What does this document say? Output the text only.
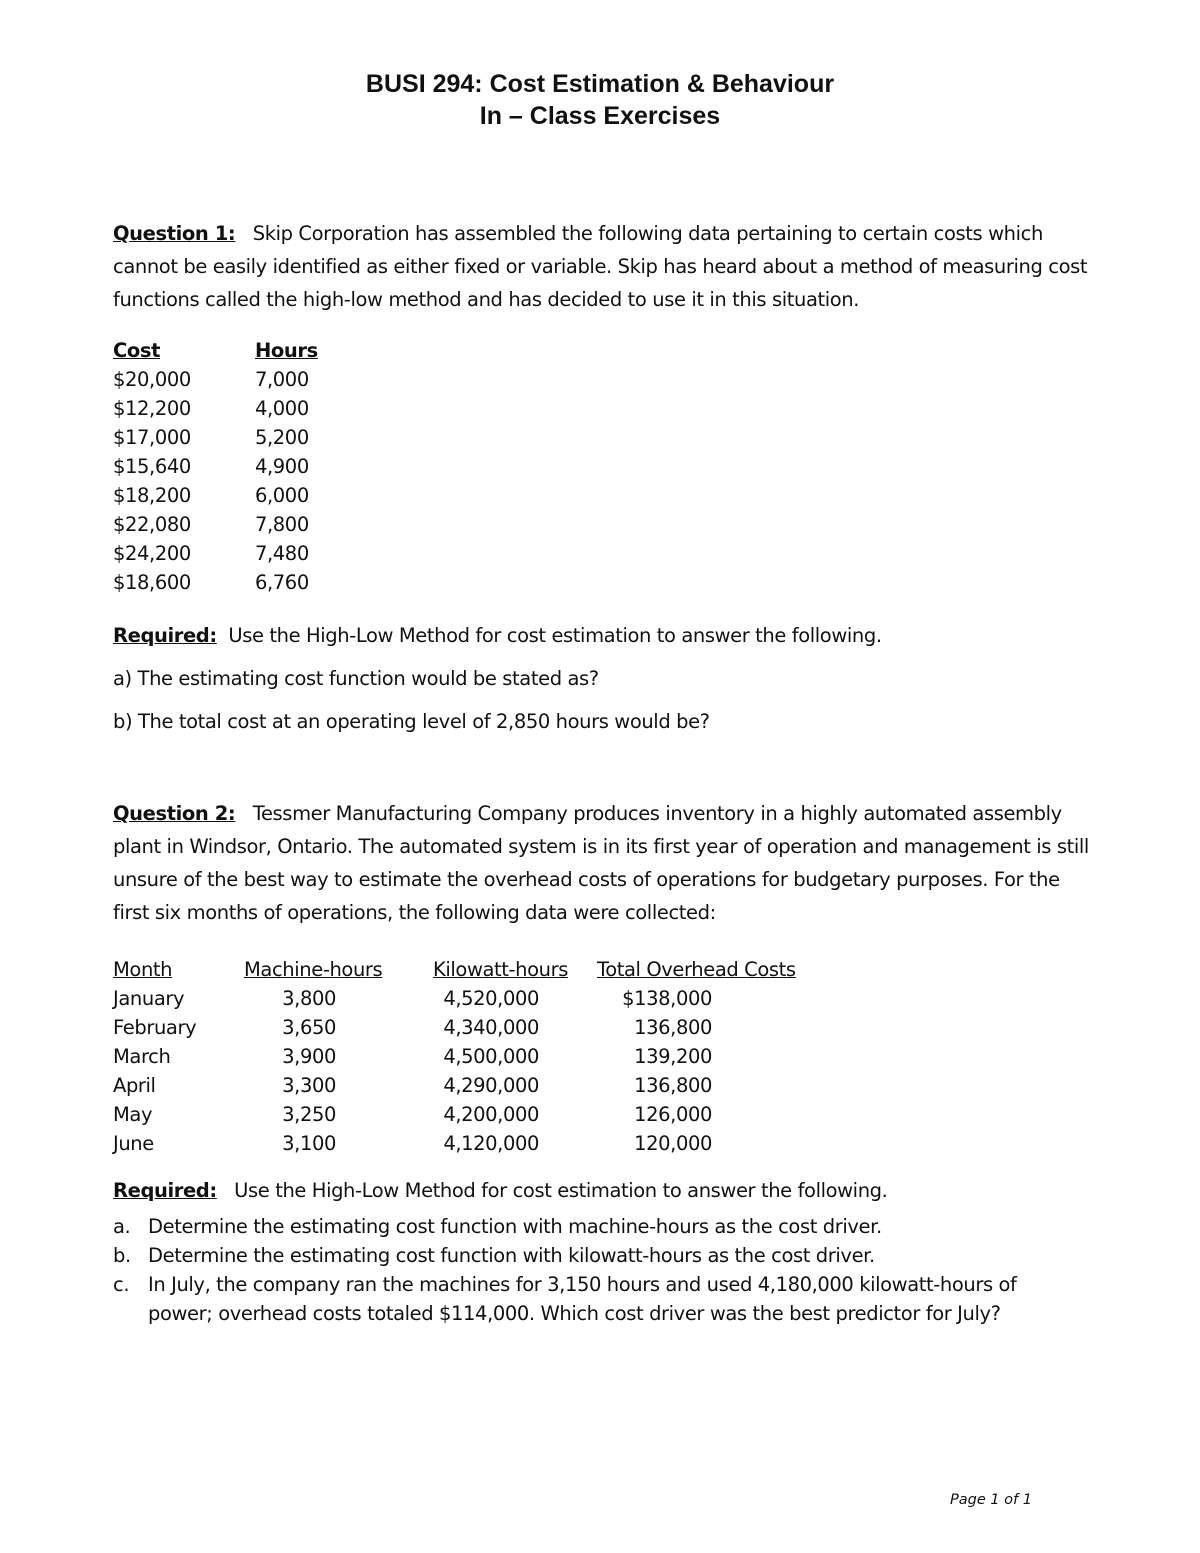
BUSI 294: Cost Estimation & Behaviour
In – Class Exercises
Question 1: Skip Corporation has assembled the following data pertaining to certain costs which cannot be easily identified as either fixed or variable. Skip has heard about a method of measuring cost functions called the high-low method and has decided to use it in this situation.
Cost	Hours
$20,000	7,000
$12,200	4,000
$17,000	5,200
$15,640	4,900
$18,200	6,000
$22,080	7,800
$24,200	7,480
$18,600	6,760
Required: Use the High-Low Method for cost estimation to answer the following.
a) The estimating cost function would be stated as?
b) The total cost at an operating level of 2,850 hours would be?
Question 2: Tessmer Manufacturing Company produces inventory in a highly automated assembly plant in Windsor, Ontario. The automated system is in its first year of operation and management is still unsure of the best way to estimate the overhead costs of operations for budgetary purposes. For the first six months of operations, the following data were collected:
Month	Machine-hours	Kilowatt-hours	Total Overhead Costs
January	3,800	4,520,000	$138,000
February	3,650	4,340,000	136,800
March	3,900	4,500,000	139,200
April	3,300	4,290,000	136,800
May	3,250	4,200,000	126,000
June	3,100	4,120,000	120,000
Required: Use the High-Low Method for cost estimation to answer the following.
a. Determine the estimating cost function with machine-hours as the cost driver.
b. Determine the estimating cost function with kilowatt-hours as the cost driver.
c. In July, the company ran the machines for 3,150 hours and used 4,180,000 kilowatt-hours of power; overhead costs totaled $114,000. Which cost driver was the best predictor for July?
Page 1 of 1
